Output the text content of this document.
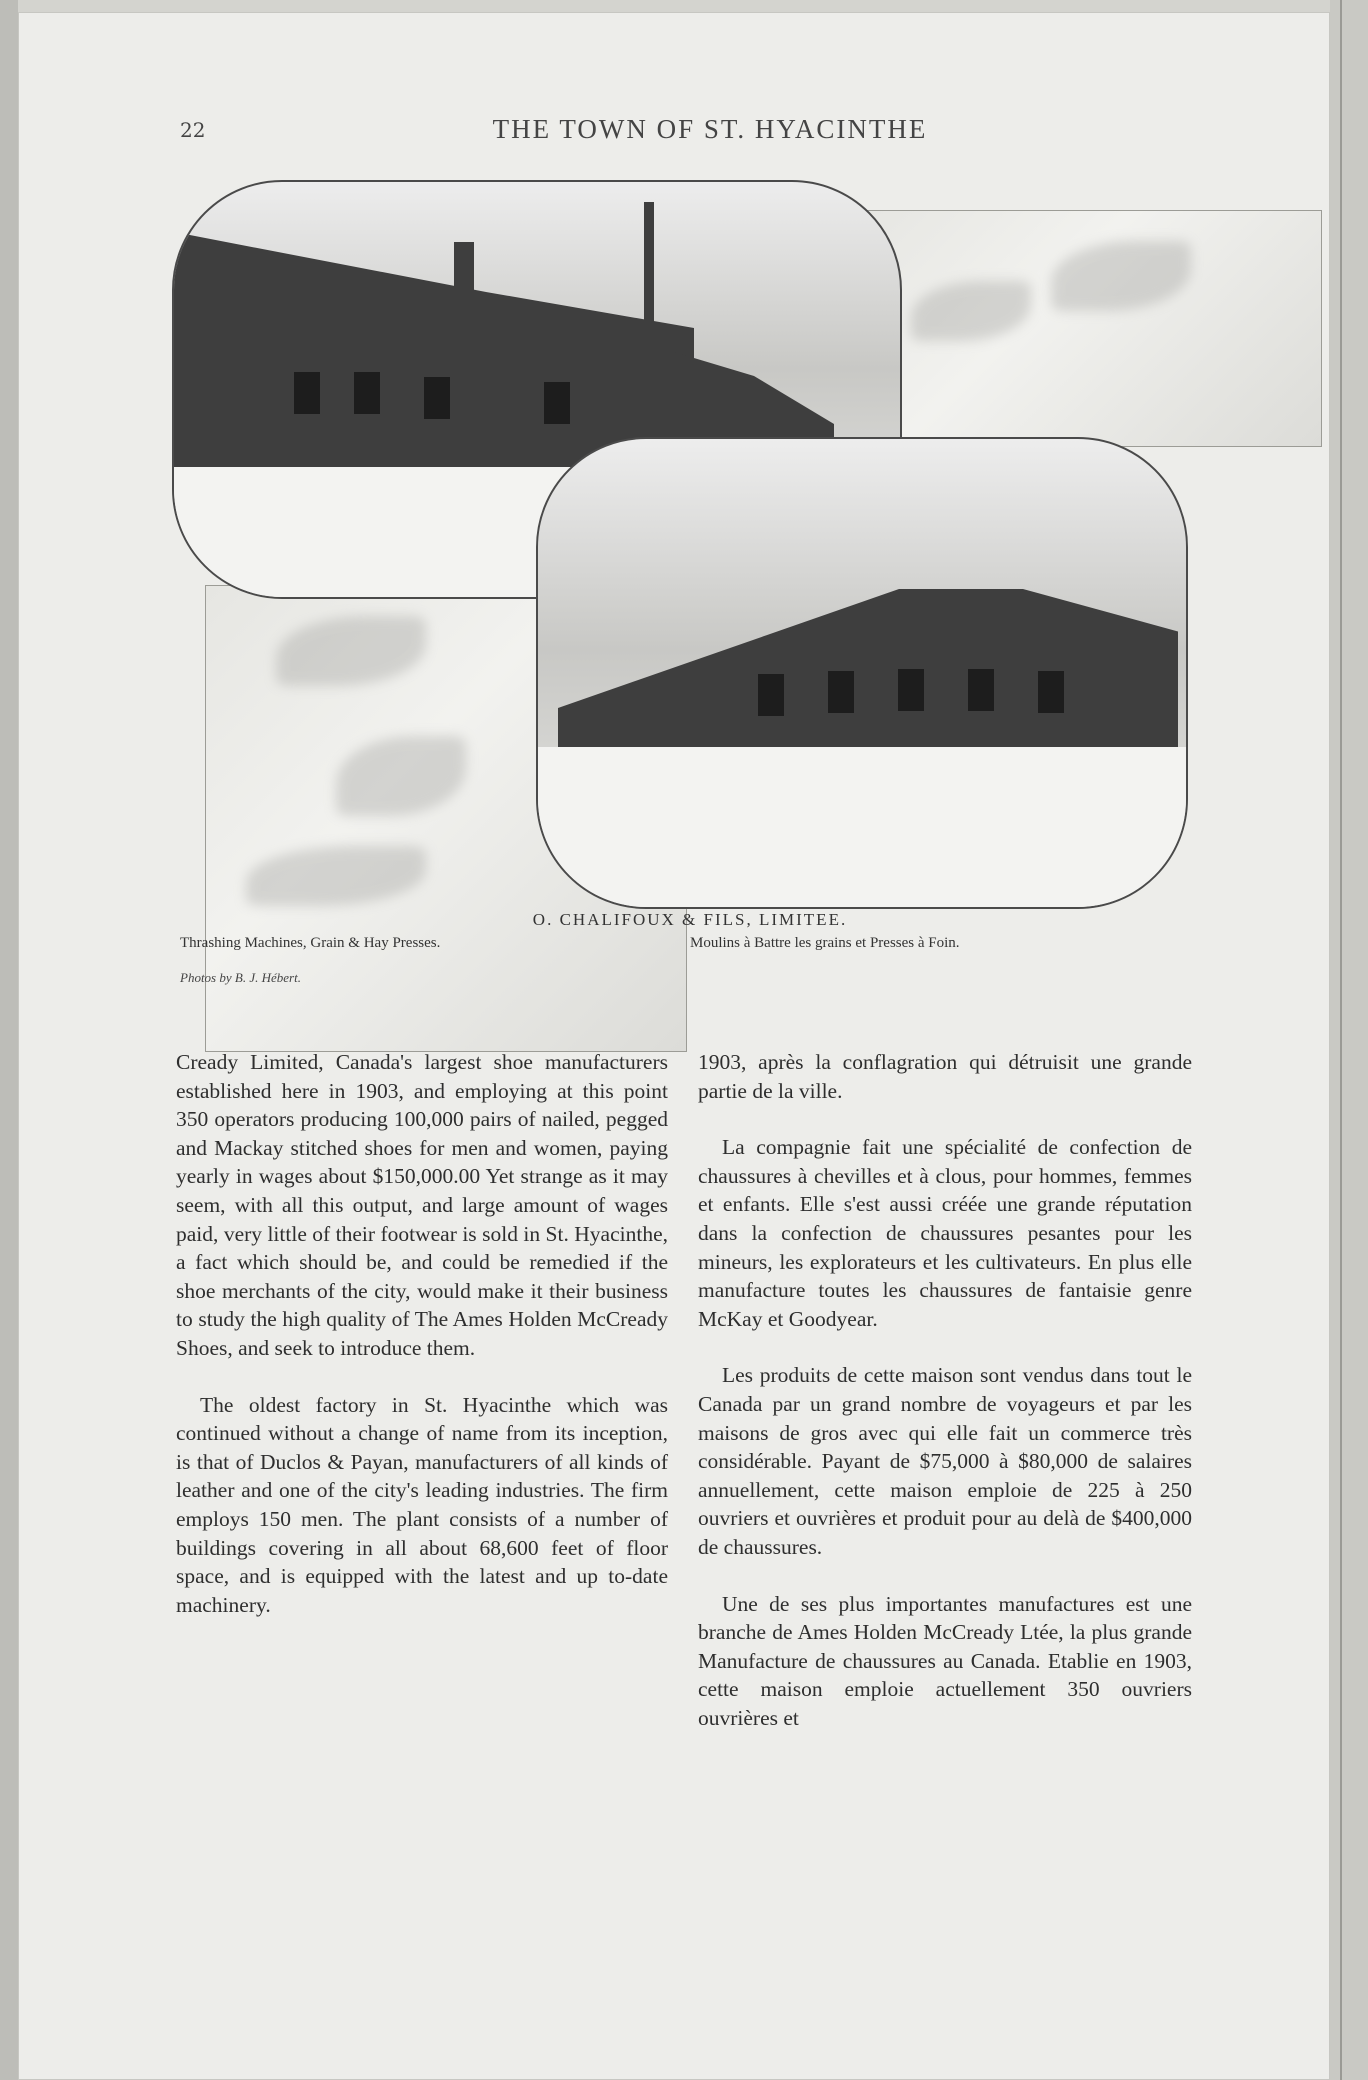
22	THE TOWN OF ST. HYACINTHE
O. CHALIFOUX & FILS, LIMITEE.
Thrashing Machines, Grain & Hay Presses.	Moulins à Battre les grains et Presses à Foin.
Photos by B. J. Hébert.

Cready Limited, Canada's largest shoe manufacturers established here in 1903, and employing at this point 350 operators producing 100,000 pairs of nailed, pegged and Mackay stitched shoes for men and women, paying yearly in wages about $150,000.00 Yet strange as it may seem, with all this output, and large amount of wages paid, very little of their footwear is sold in St. Hyacinthe, a fact which should be, and could be remedied if the shoe merchants of the city, would make it their business to study the high quality of The Ames Holden McCready Shoes, and seek to introduce them.

The oldest factory in St. Hyacinthe which was continued without a change of name from its inception, is that of Duclos & Payan, manufacturers of all kinds of leather and one of the city's leading industries. The firm employs 150 men. The plant consists of a number of buildings covering in all about 68,600 feet of floor space, and is equipped with the latest and up to-date machinery.

1903, après la conflagration qui détruisit une grande partie de la ville.

La compagnie fait une spécialité de confection de chaussures à chevilles et à clous, pour hommes, femmes et enfants. Elle s'est aussi créée une grande réputation dans la confection de chaussures pesantes pour les mineurs, les explorateurs et les cultivateurs. En plus elle manufacture toutes les chaussures de fantaisie genre McKay et Goodyear.

Les produits de cette maison sont vendus dans tout le Canada par un grand nombre de voyageurs et par les maisons de gros avec qui elle fait un commerce très considérable. Payant de $75,000 à $80,000 de salaires annuellement, cette maison emploie de 225 à 250 ouvriers et ouvrières et produit pour au delà de $400,000 de chaussures.

Une de ses plus importantes manufactures est une branche de Ames Holden McCready Ltée, la plus grande Manufacture de chaussures au Canada. Etablie en 1903, cette maison emploie actuellement 350 ouvriers ouvrières et
